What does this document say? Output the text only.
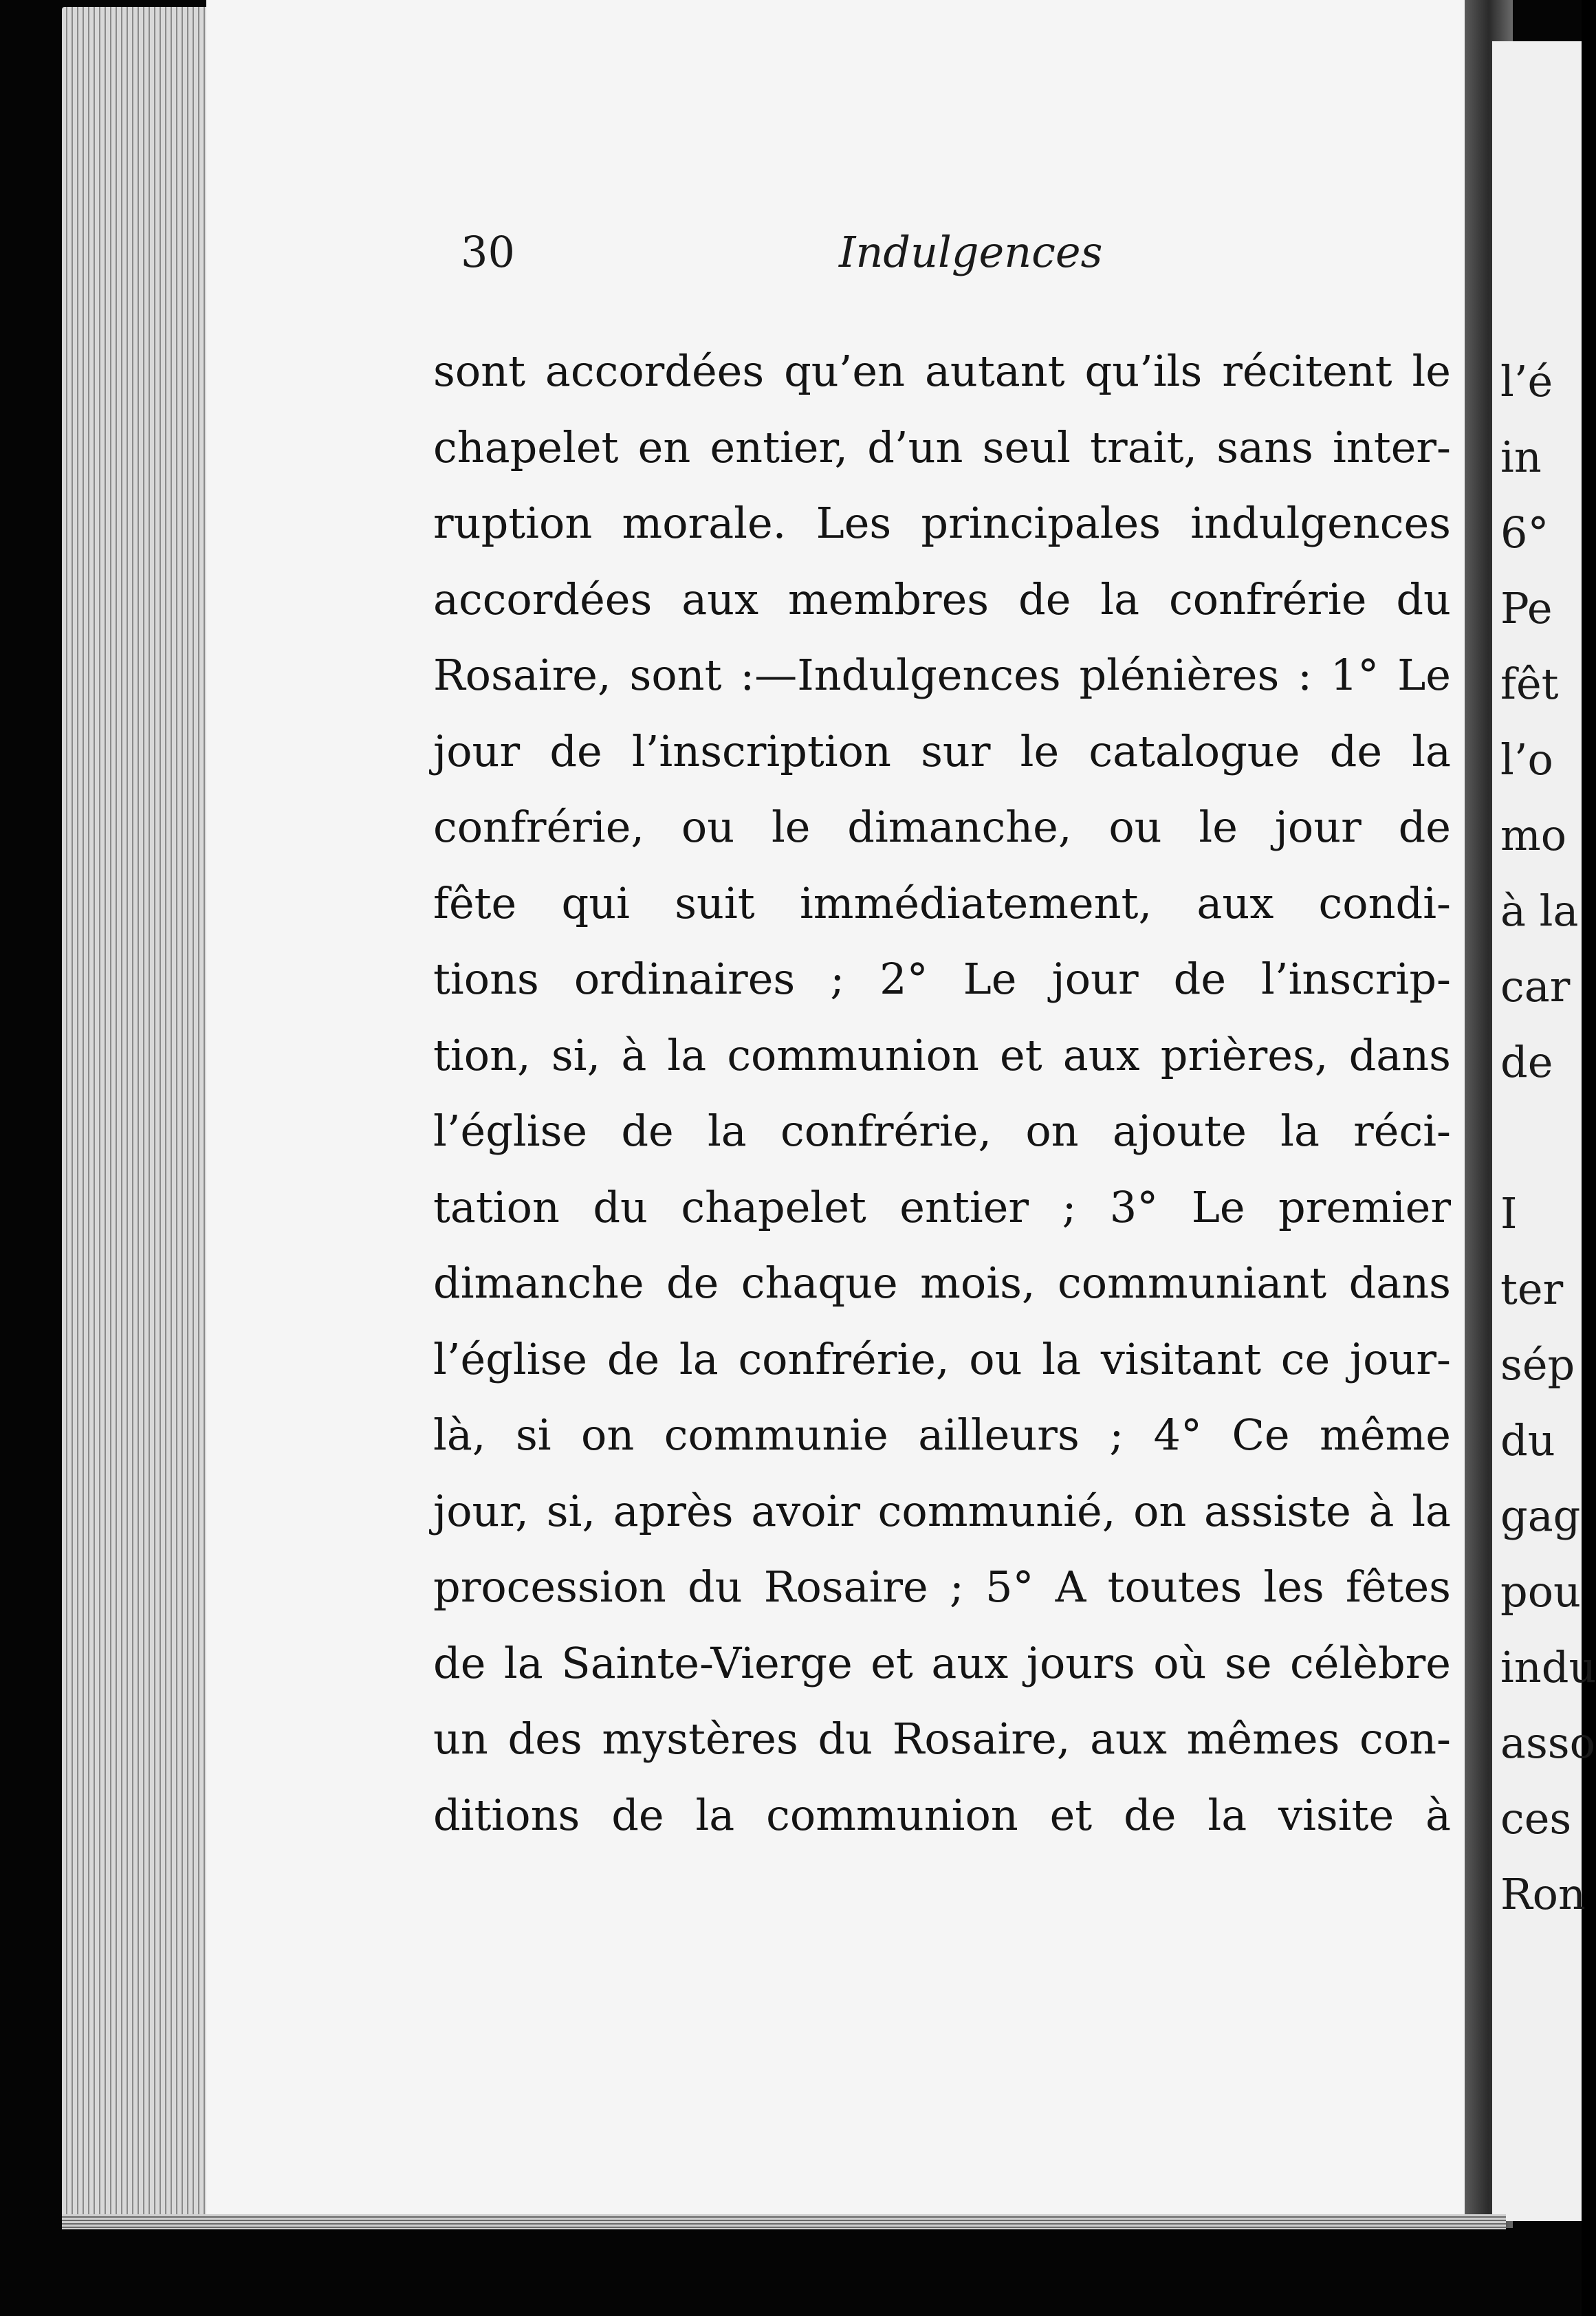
l’é
in
6°
Pe
fêt
l’o
mo
à la
car
de
I
ter
sép
du
gag
pou
indu
asso
ces
Ron
30	Indulgences
sont accordées qu’en autant qu’ils récitent le
chapelet en entier, d’un seul trait, sans inter-
ruption morale. Les principales indulgences
accordées aux membres de la confrérie du
Rosaire, sont :—Indulgences plénières : 1° Le
jour de l’inscription sur le catalogue de la
confrérie, ou le dimanche, ou le jour de
fête qui suit immédiatement, aux condi-
tions ordinaires ; 2° Le jour de l’inscrip-
tion, si, à la communion et aux prières, dans
l’église de la confrérie, on ajoute la réci-
tation du chapelet entier ; 3° Le premier
dimanche de chaque mois, communiant dans
l’église de la confrérie, ou la visitant ce jour-
là, si on communie ailleurs ; 4° Ce même
jour, si, après avoir communié, on assiste à la
procession du Rosaire ; 5° A toutes les fêtes
de la Sainte-Vierge et aux jours où se célèbre
un des mystères du Rosaire, aux mêmes con-
ditions de la communion et de la visite à
